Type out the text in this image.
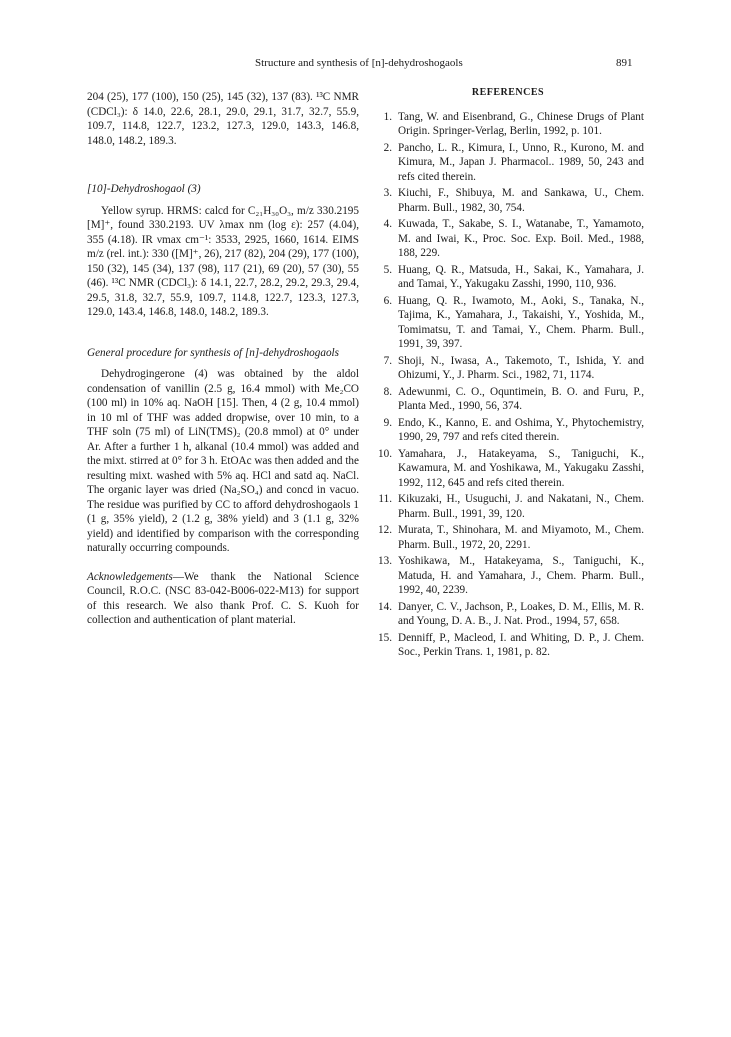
Structure and synthesis of [n]-dehydroshogaols	891

204 (25), 177 (100), 150 (25), 145 (32), 137 (83). ¹³C NMR (CDCl₃): δ 14.0, 22.6, 28.1, 29.0, 29.1, 31.7, 32.7, 55.9, 109.7, 114.8, 122.7, 123.2, 127.3, 129.0, 143.3, 146.8, 148.0, 148.2, 189.3.

[10]-Dehydroshogaol (3)

Yellow syrup. HRMS: calcd for C₂₁H₃₀O₃, m/z 330.2195 [M]⁺, found 330.2193. UV λmax nm (log ε): 257 (4.04), 355 (4.18). IR νmax cm⁻¹: 3533, 2925, 1660, 1614. EIMS m/z (rel. int.): 330 ([M]⁺, 26), 217 (82), 204 (29), 177 (100), 150 (32), 145 (34), 137 (98), 117 (21), 69 (20), 57 (30), 55 (46). ¹³C NMR (CDCl₃): δ 14.1, 22.7, 28.2, 29.2, 29.3, 29.4, 29.5, 31.8, 32.7, 55.9, 109.7, 114.8, 122.7, 123.3, 127.3, 129.0, 143.4, 146.8, 148.0, 148.2, 189.3.

General procedure for synthesis of [n]-dehydroshogaols

Dehydrogingerone (4) was obtained by the aldol condensation of vanillin (2.5 g, 16.4 mmol) with Me₂CO (100 ml) in 10% aq. NaOH [15]. Then, 4 (2 g, 10.4 mmol) in 10 ml of THF was added dropwise, over 10 min, to a THF soln (75 ml) of LiN(TMS)₂ (20.8 mmol) at 0° under Ar. After a further 1 h, alkanal (10.4 mmol) was added and the mixt. stirred at 0° for 3 h. EtOAc was then added and the resulting mixt. washed with 5% aq. HCl and satd aq. NaCl. The organic layer was dried (Na₂SO₄) and concd in vacuo. The residue was purified by CC to afford dehydroshogaols 1 (1 g, 35% yield), 2 (1.2 g, 38% yield) and 3 (1.1 g, 32% yield) and identified by comparison with the corresponding naturally occurring compounds.

Acknowledgements—We thank the National Science Council, R.O.C. (NSC 83-042-B006-022-M13) for support of this research. We also thank Prof. C. S. Kuoh for collection and authentication of plant material.

REFERENCES
1. Tang, W. and Eisenbrand, G., Chinese Drugs of Plant Origin. Springer-Verlag, Berlin, 1992, p. 101.
2. Pancho, L. R., Kimura, I., Unno, R., Kurono, M. and Kimura, M., Japan J. Pharmacol.. 1989, 50, 243 and refs cited therein.
3. Kiuchi, F., Shibuya, M. and Sankawa, U., Chem. Pharm. Bull., 1982, 30, 754.
4. Kuwada, T., Sakabe, S. I., Watanabe, T., Yamamoto, M. and Iwai, K., Proc. Soc. Exp. Boil. Med., 1988, 188, 229.
5. Huang, Q. R., Matsuda, H., Sakai, K., Yamahara, J. and Tamai, Y., Yakugaku Zasshi, 1990, 110, 936.
6. Huang, Q. R., Iwamoto, M., Aoki, S., Tanaka, N., Tajima, K., Yamahara, J., Takaishi, Y., Yoshida, M., Tomimatsu, T. and Tamai, Y., Chem. Pharm. Bull., 1991, 39, 397.
7. Shoji, N., Iwasa, A., Takemoto, T., Ishida, Y. and Ohizumi, Y., J. Pharm. Sci., 1982, 71, 1174.
8. Adewunmi, C. O., Oquntimein, B. O. and Furu, P., Planta Med., 1990, 56, 374.
9. Endo, K., Kanno, E. and Oshima, Y., Phytochemistry, 1990, 29, 797 and refs cited therein.
10. Yamahara, J., Hatakeyama, S., Taniguchi, K., Kawamura, M. and Yoshikawa, M., Yakugaku Zasshi, 1992, 112, 645 and refs cited therein.
11. Kikuzaki, H., Usuguchi, J. and Nakatani, N., Chem. Pharm. Bull., 1991, 39, 120.
12. Murata, T., Shinohara, M. and Miyamoto, M., Chem. Pharm. Bull., 1972, 20, 2291.
13. Yoshikawa, M., Hatakeyama, S., Taniguchi, K., Matuda, H. and Yamahara, J., Chem. Pharm. Bull., 1992, 40, 2239.
14. Danyer, C. V., Jachson, P., Loakes, D. M., Ellis, M. R. and Young, D. A. B., J. Nat. Prod., 1994, 57, 658.
15. Denniff, P., Macleod, I. and Whiting, D. P., J. Chem. Soc., Perkin Trans. 1, 1981, p. 82.
